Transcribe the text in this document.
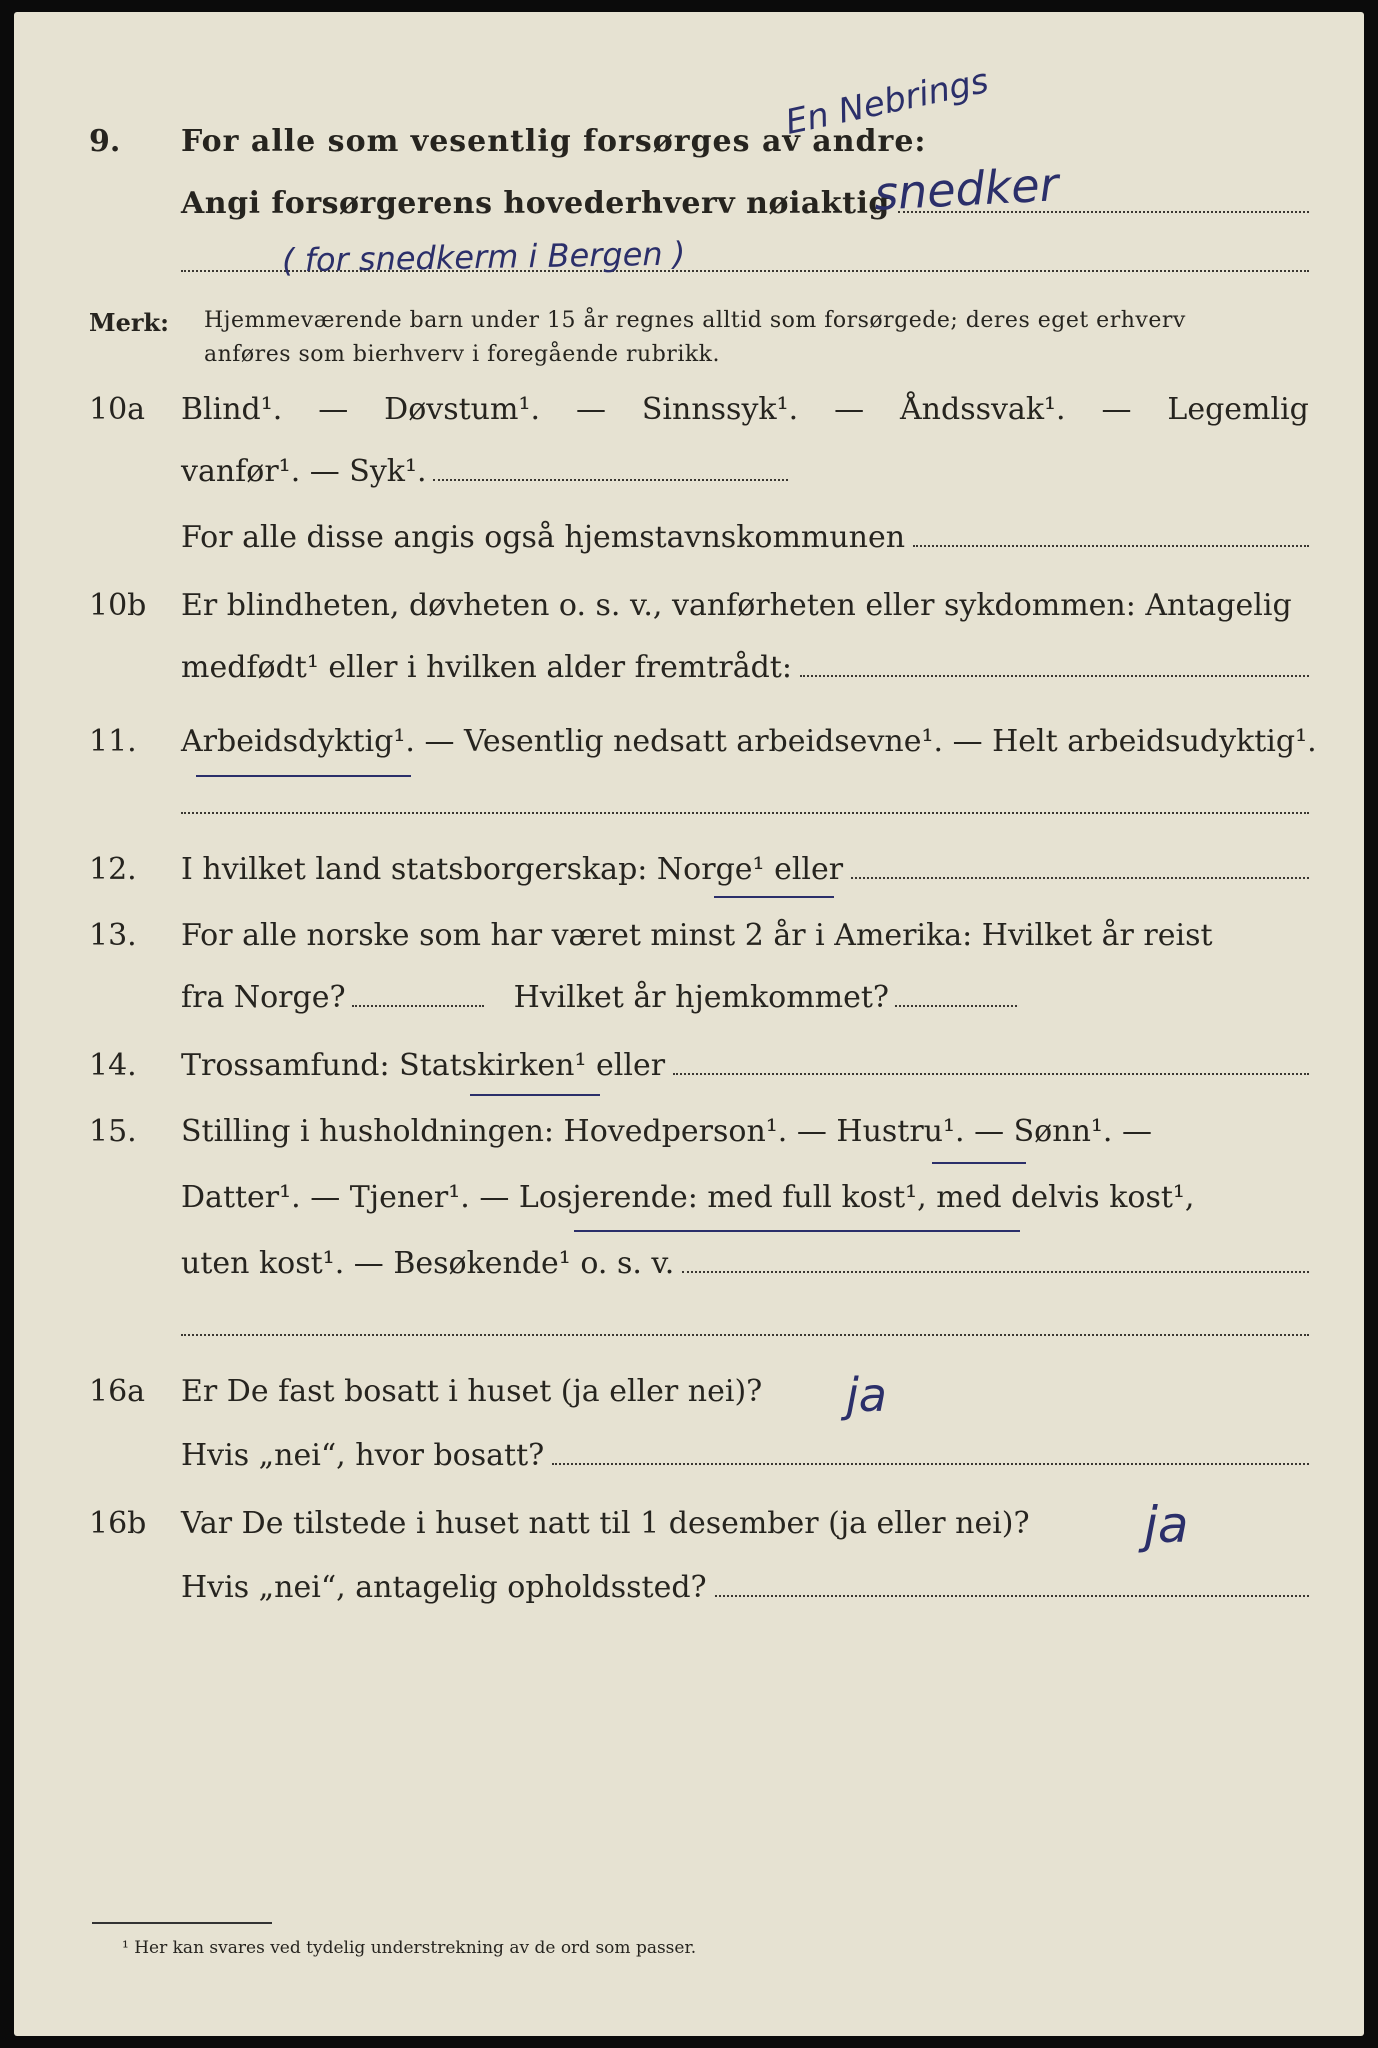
9.	For alle som vesentlig forsørges av andre:
Angi forsørgerens hovederhverv nøiaktig
En Nebrings
snedker
( for snedkerm i Bergen )
Merk: Hjemmeværende barn under 15 år regnes alltid som forsørgede; deres eget erhverv
anføres som bierhverv i foregående rubrikk.
10a	Blind¹. — Døvstum¹. — Sinnssyk¹. — Åndssvak¹. — Legemlig
vanfør¹. — Syk¹.
For alle disse angis også hjemstavnskommunen
10b	Er blindheten, døvheten o. s. v., vanførheten eller sykdommen: Antagelig
medfødt¹ eller i hvilken alder fremtrådt:
11.	Arbeidsdyktig¹. — Vesentlig nedsatt arbeidsevne¹. — Helt arbeidsudyktig¹.
12.	I hvilket land statsborgerskap: Norge¹ eller
13.	For alle norske som har været minst 2 år i Amerika: Hvilket år reist
fra Norge?	Hvilket år hjemkommet?
14.	Trossamfund: Statskirken¹ eller
15.	Stilling i husholdningen: Hovedperson¹. — Hustru¹. — Sønn¹. —
Datter¹. — Tjener¹. — Losjerende: med full kost¹, med delvis kost¹,
uten kost¹. — Besøkende¹ o. s. v.
16a	Er De fast bosatt i huset (ja eller nei)?
Hvis „nei“, hvor bosatt?
ja
16b	Var De tilstede i huset natt til 1 desember (ja eller nei)?
Hvis „nei“, antagelig opholdssted?
ja
¹ Her kan svares ved tydelig understrekning av de ord som passer.
